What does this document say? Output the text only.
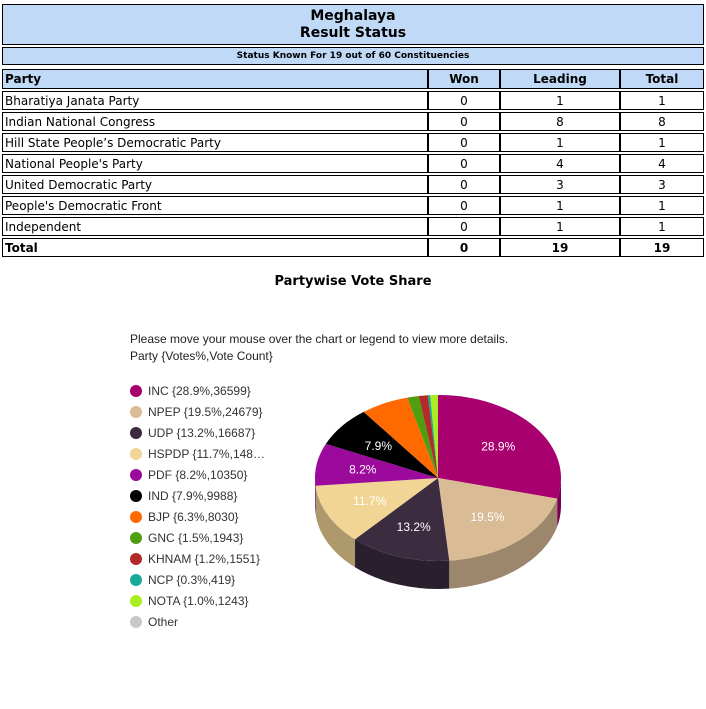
Meghalaya
Result Status
Status Known For 19 out of 60 Constituencies
Party	Won	Leading	Total
Bharatiya Janata Party	0	1	1
Indian National Congress	0	8	8
Hill State People’s Democratic Party	0	1	1
National People's Party	0	4	4
United Democratic Party	0	3	3
People's Democratic Front	0	1	1
Independent	0	1	1
Total	0	19	19
Partywise Vote Share
Please move your mouse over the chart or legend to view more details.
Party {Votes%,Vote Count}
INC {28.9%,36599}
NPEP {19.5%,24679}
UDP {13.2%,16687}
HSPDP {11.7%,148…
PDF {8.2%,10350}
IND {7.9%,9988}
BJP {6.3%,8030}
GNC {1.5%,1943}
KHNAM {1.2%,1551}
NCP {0.3%,419}
NOTA {1.0%,1243}
Other
28.9%
19.5%
13.2%
11.7%
8.2%
7.9%
